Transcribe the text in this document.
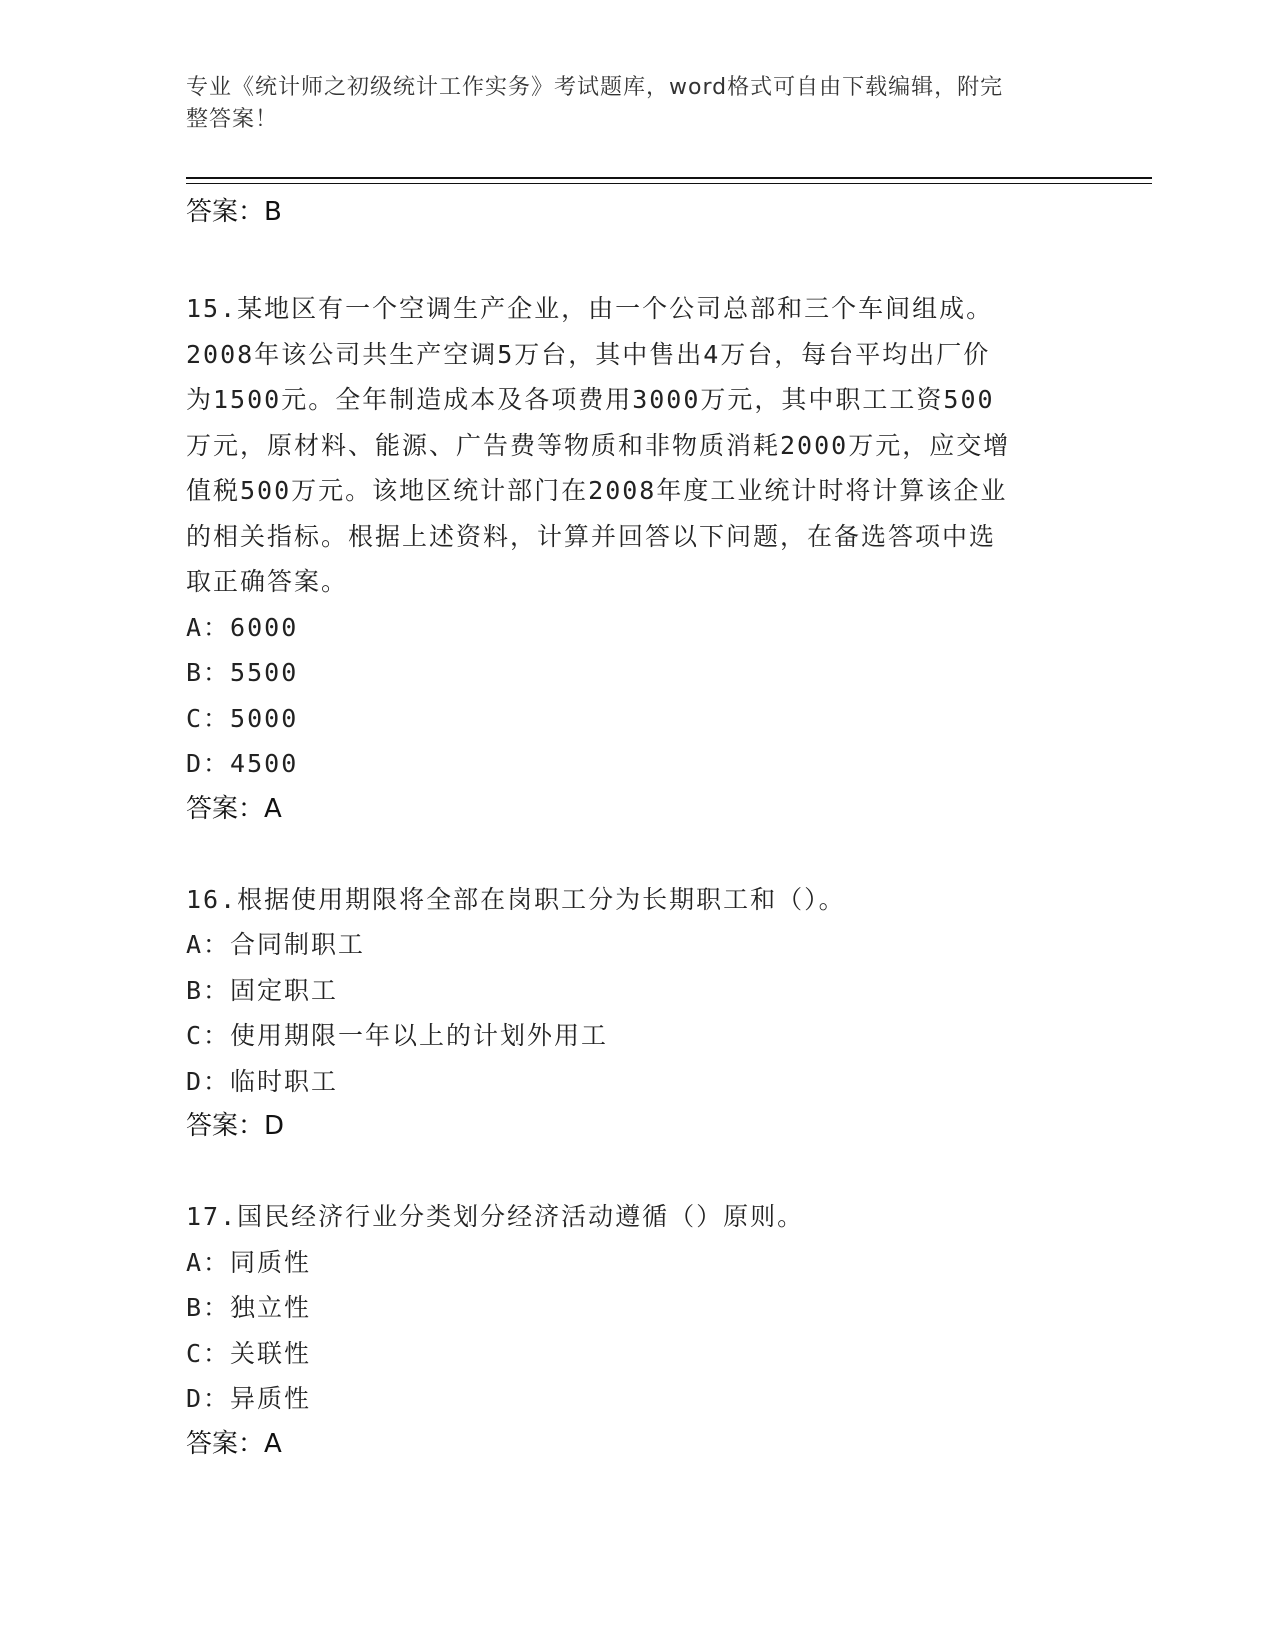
专业《统计师之初级统计工作实务》考试题库，word格式可自由下载编辑，附完
整答案！
答案：B
15.某地区有一个空调生产企业，由一个公司总部和三个车间组成。
2008年该公司共生产空调5万台，其中售出4万台，每台平均出厂价
为1500元。全年制造成本及各项费用3000万元，其中职工工资500
万元，原材料、能源、广告费等物质和非物质消耗2000万元，应交增
值税500万元。该地区统计部门在2008年度工业统计时将计算该企业
的相关指标。根据上述资料，计算并回答以下问题，在备选答项中选
取正确答案。
A：6000
B：5500
C：5000
D：4500
答案：A
16.根据使用期限将全部在岗职工分为长期职工和（）。
A：合同制职工
B：固定职工
C：使用期限一年以上的计划外用工
D：临时职工
答案：D
17.国民经济行业分类划分经济活动遵循（）原则。
A：同质性
B：独立性
C：关联性
D：异质性
答案：A
